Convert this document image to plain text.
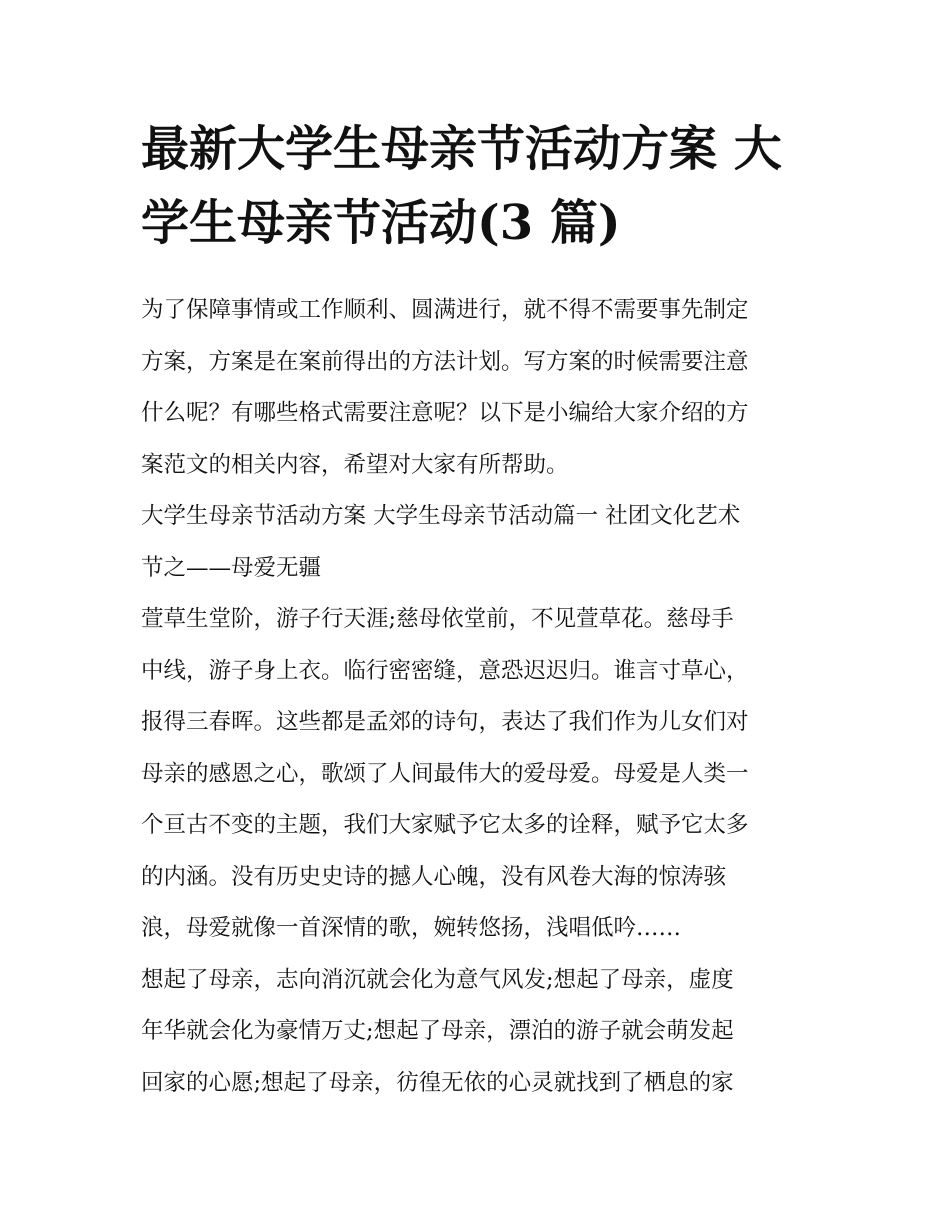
最新大学生母亲节活动方案 大
学生母亲节活动(3 篇)

为了保障事情或工作顺利、圆满进行，就不得不需要事先制定
方案，方案是在案前得出的方法计划。写方案的时候需要注意
什么呢？有哪些格式需要注意呢？以下是小编给大家介绍的方
案范文的相关内容，希望对大家有所帮助。

大学生母亲节活动方案 大学生母亲节活动篇一 社团文化艺术
节之——母爱无疆

萱草生堂阶，游子行天涯;慈母依堂前，不见萱草花。慈母手
中线，游子身上衣。临行密密缝，意恐迟迟归。谁言寸草心，
报得三春晖。这些都是孟郊的诗句，表达了我们作为儿女们对
母亲的感恩之心，歌颂了人间最伟大的爱母爱。母爱是人类一
个亘古不变的主题，我们大家赋予它太多的诠释，赋予它太多
的内涵。没有历史史诗的撼人心魄，没有风卷大海的惊涛骇
浪，母爱就像一首深情的歌，婉转悠扬，浅唱低吟……

想起了母亲，志向消沉就会化为意气风发;想起了母亲，虚度
年华就会化为豪情万丈;想起了母亲，漂泊的游子就会萌发起
回家的心愿;想起了母亲，彷徨无依的心灵就找到了栖息的家
